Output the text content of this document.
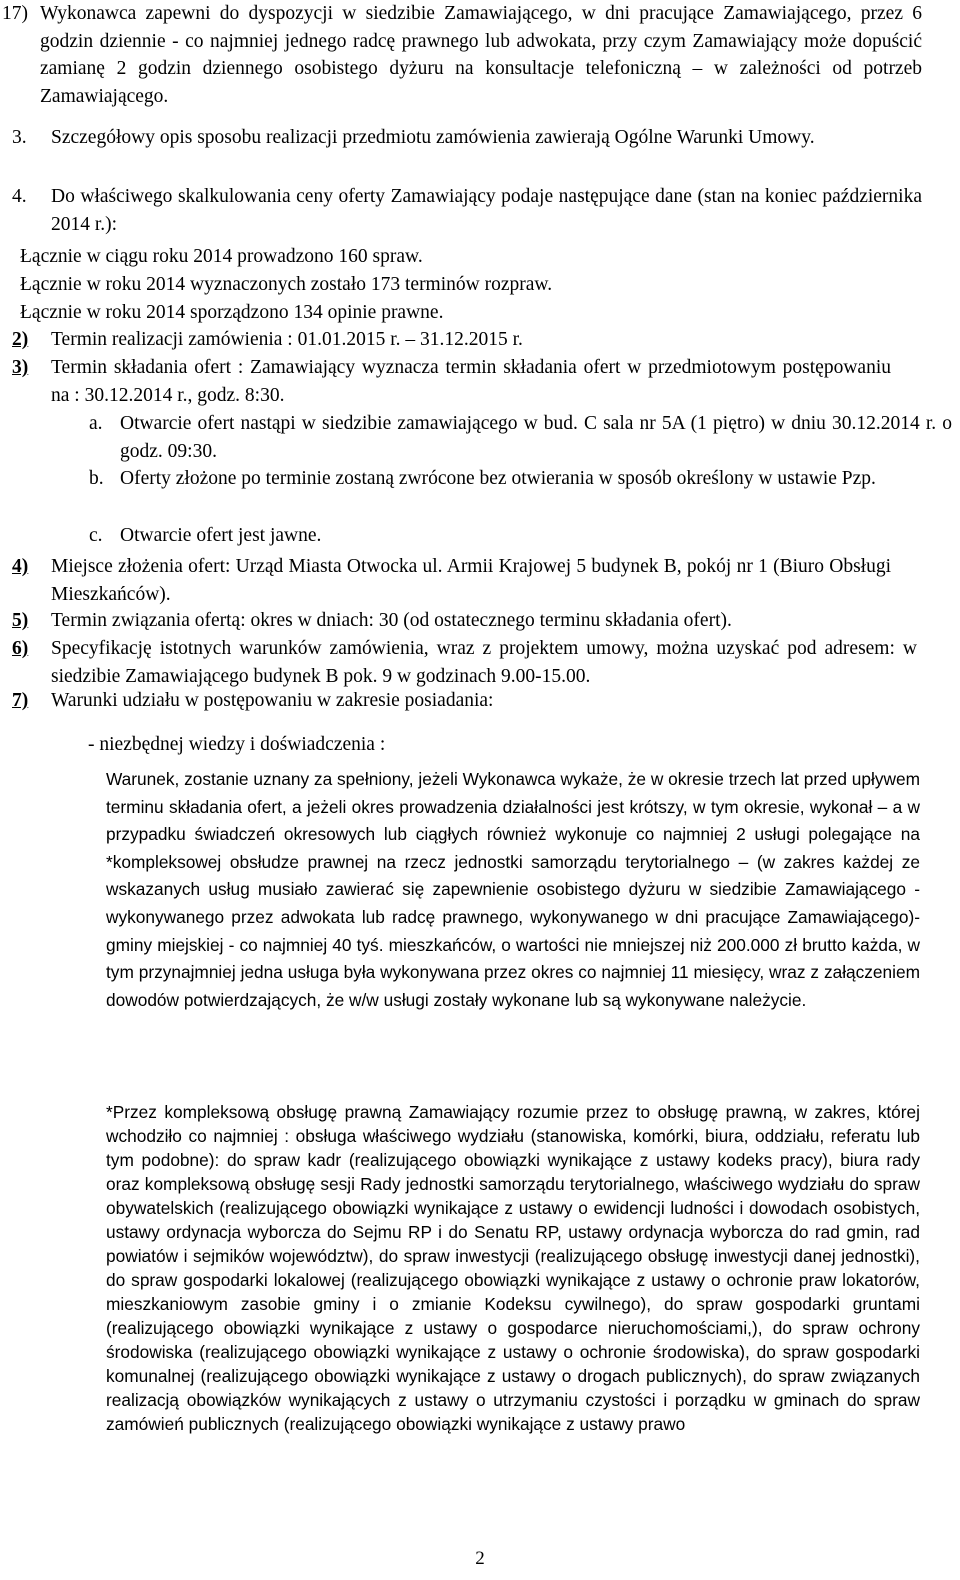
17) Wykonawca zapewni do dyspozycji w siedzibie Zamawiającego, w dni pracujące Zamawiającego, przez 6 godzin dziennie - co najmniej jednego radcę prawnego lub adwokata, przy czym Zamawiający może dopuścić zamianę 2 godzin dziennego osobistego dyżuru na konsultacje telefoniczną – w zależności od potrzeb Zamawiającego.

3. Szczegółowy opis sposobu realizacji przedmiotu zamówienia zawierają Ogólne Warunki Umowy.

4. Do właściwego skalkulowania ceny oferty Zamawiający podaje następujące dane (stan na koniec października 2014 r.):

Łącznie w ciągu roku 2014 prowadzono 160 spraw.

Łącznie w roku 2014 wyznaczonych zostało 173 terminów rozpraw.

Łącznie w roku 2014 sporządzono 134 opinie prawne.

2) Termin realizacji zamówienia : 01.01.2015 r. – 31.12.2015 r.

3) Termin składania ofert : Zamawiający wyznacza termin składania ofert w przedmiotowym postępowaniu na : 30.12.2014 r., godz. 8:30.

a. Otwarcie ofert nastąpi w siedzibie zamawiającego w bud. C sala nr 5A (1 piętro) w dniu 30.12.2014 r. o godz. 09:30.

b. Oferty złożone po terminie zostaną zwrócone bez otwierania w sposób określony w ustawie Pzp.

c. Otwarcie ofert jest jawne.

4) Miejsce złożenia ofert: Urząd Miasta Otwocka ul. Armii Krajowej 5 budynek B, pokój nr 1 (Biuro Obsługi Mieszkańców).

5) Termin związania ofertą: okres w dniach: 30 (od ostatecznego terminu składania ofert).

6) Specyfikację istotnych warunków zamówienia, wraz z projektem umowy, można uzyskać pod adresem: w siedzibie Zamawiającego budynek B pok. 9 w godzinach 9.00-15.00.

7) Warunki udziału w postępowaniu w zakresie posiadania:

- niezbędnej wiedzy i doświadczenia :

Warunek, zostanie uznany za spełniony, jeżeli Wykonawca wykaże, że w okresie trzech lat przed upływem terminu składania ofert, a jeżeli okres prowadzenia działalności jest krótszy, w tym okresie, wykonał – a w przypadku świadczeń okresowych lub ciągłych również wykonuje co najmniej 2 usługi polegające na *kompleksowej obsłudze prawnej na rzecz jednostki samorządu terytorialnego – (w zakres każdej ze wskazanych usług musiało zawierać się zapewnienie osobistego dyżuru w siedzibie Zamawiającego - wykonywanego przez adwokata lub radcę prawnego, wykonywanego w dni pracujące Zamawiającego)- gminy miejskiej - co najmniej 40 tyś. mieszkańców, o wartości nie mniejszej niż 200.000 zł brutto każda, w tym przynajmniej jedna usługa była wykonywana przez okres co najmniej 11 miesięcy, wraz z załączeniem dowodów potwierdzających, że w/w usługi zostały wykonane lub są wykonywane należycie.

*Przez kompleksową obsługę prawną Zamawiający rozumie przez to obsługę prawną, w zakres, której wchodziło co najmniej : obsługa właściwego wydziału (stanowiska, komórki, biura, oddziału, referatu lub tym podobne): do spraw kadr (realizującego obowiązki wynikające z ustawy kodeks pracy), biura rady oraz kompleksową obsługę sesji Rady jednostki samorządu terytorialnego, właściwego wydziału do spraw obywatelskich (realizującego obowiązki wynikające z ustawy o ewidencji ludności i dowodach osobistych, ustawy ordynacja wyborcza do Sejmu RP i do Senatu RP, ustawy ordynacja wyborcza do rad gmin, rad powiatów i sejmików województw), do spraw inwestycji (realizującego obsługę inwestycji danej jednostki), do spraw gospodarki lokalowej (realizującego obowiązki wynikające z ustawy o ochronie praw lokatorów, mieszkaniowym zasobie gminy i o zmianie Kodeksu cywilnego), do spraw gospodarki gruntami (realizującego obowiązki wynikające z ustawy o gospodarce nieruchomościami,), do spraw ochrony środowiska (realizującego obowiązki wynikające z ustawy o ochronie środowiska), do spraw gospodarki komunalnej (realizującego obowiązki wynikające z ustawy o drogach publicznych), do spraw związanych realizacją obowiązków wynikających z ustawy o utrzymaniu czystości i porządku w gminach do spraw zamówień publicznych (realizującego obowiązki wynikające z ustawy prawo

2
